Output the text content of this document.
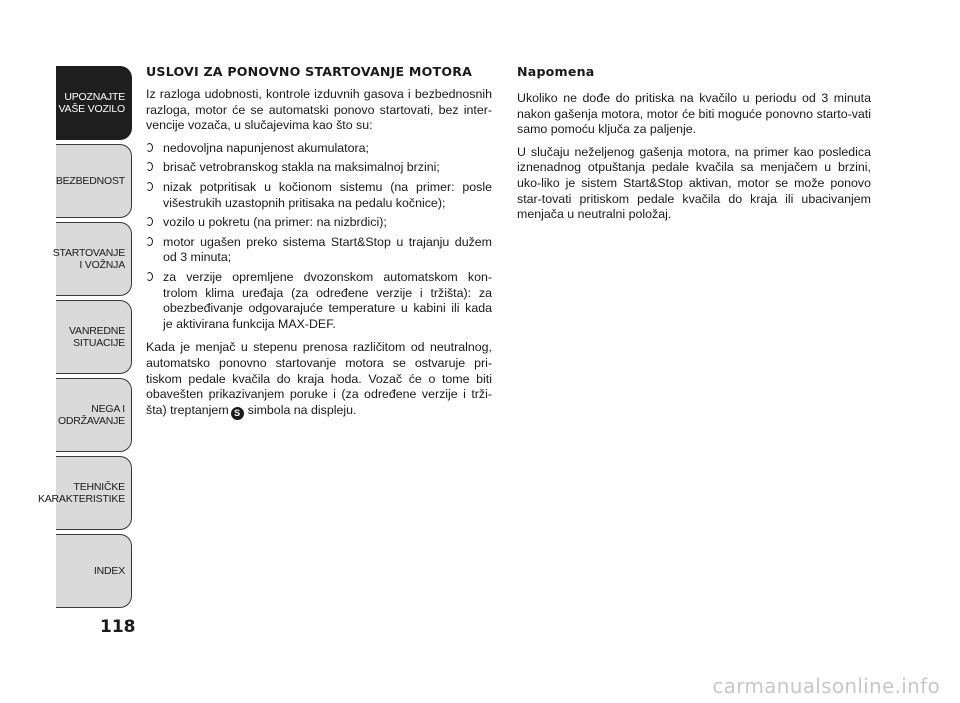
UPOZNAJTE
VAŠE VOZILO
BEZBEDNOST
STARTOVANJE
I VOŽNJA
VANREDNE
SITUACIJE
NEGA I
ODRŽAVANJE
TEHNIČKE
KARAKTERISTIKE
INDEX
118
USLOVI ZA PONOVNO STARTOVANJE MOTORA

Iz razloga udobnosti, kontrole izduvnih gasova i bezbednosnih razloga, motor će se automatski ponovo startovati, bez inter-vencije vozača, u slučajevima kao što su:

nedovoljna napunjenost akumulatora;
brisač vetrobranskog stakla na maksimalnoj brzini;
nizak potpritisak u kočionom sistemu (na primer: posle višestrukih uzastopnih pritisaka na pedalu kočnice);
vozilo u pokretu (na primer: na nizbrdici);
motor ugašen preko sistema Start&Stop u trajanju dužem od 3 minuta;
za verzije opremljene dvozonskom automatskom kon-trolom klima uređaja (za određene verzije i tržišta): za obezbeđivanje odgovarajuće temperature u kabini ili kada je aktivirana funkcija MAX-DEF.

Kada je menjač u stepenu prenosa različitom od neutralnog, automatsko ponovno startovanje motora se ostvaruje pri-tiskom pedale kvačila do kraja hoda. Vozač će o tome biti obavešten prikazivanjem poruke i (za određene verzije i trži-šta) treptanjem S simbola na displeju.

Napomena

Ukoliko ne dođe do pritiska na kvačilo u periodu od 3 minuta nakon gašenja motora, motor će biti moguće ponovno starto-vati samo pomoću ključa za paljenje.

U slučaju neželjenog gašenja motora, na primer kao posledica iznenadnog otpuštanja pedale kvačila sa menjačem u brzini, uko-liko je sistem Start&Stop aktivan, motor se može ponovo star-tovati pritiskom pedale kvačila do kraja ili ubacivanjem menjača u neutralni položaj.

carmanualsonline.info
